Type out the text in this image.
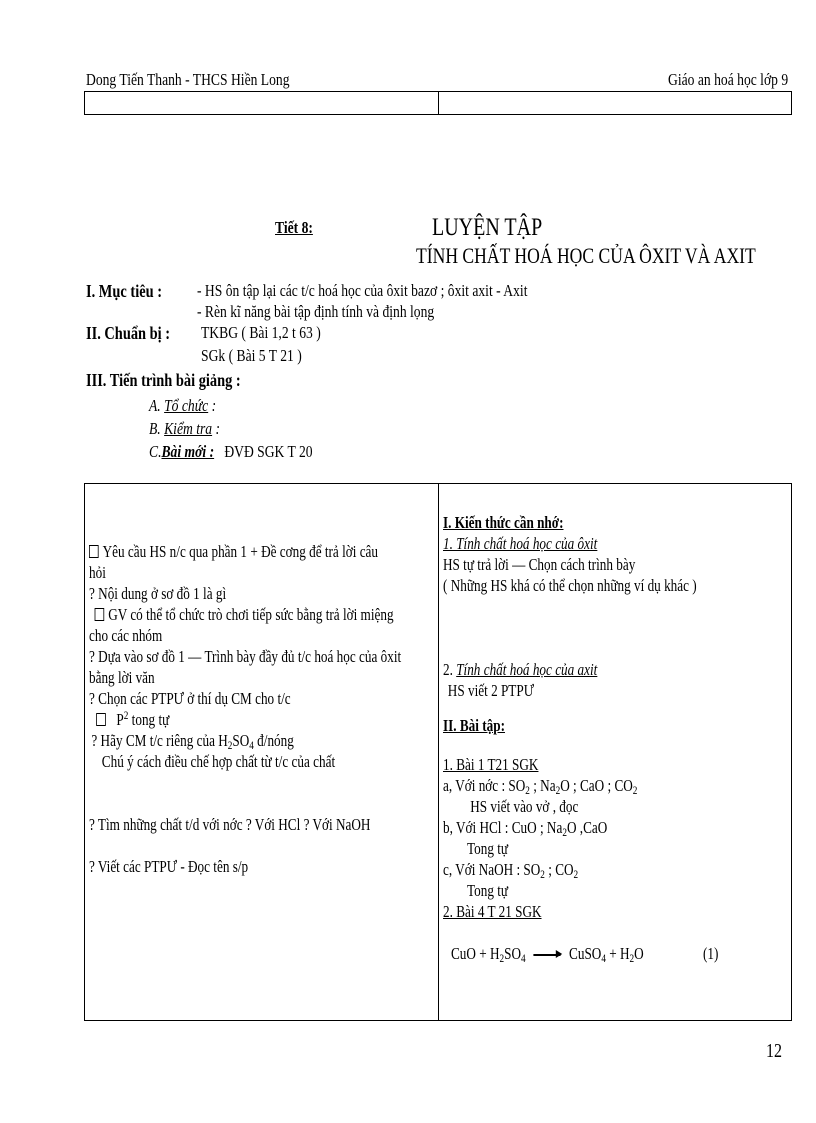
Dong Tiến Thanh - THCS Hiền Long	Giáo an hoá học lớp 9
Tiết 8:	LUYỆN TẬP
TÍNH CHẤT HOÁ HỌC CỦA ÔXIT VÀ AXIT
I. Mục tiêu : - HS ôn tập lại các t/c hoá học của ôxit bazơ ; ôxit axit - Axit
- Rèn kĩ năng bài tập định tính và định lọng
II. Chuẩn bị : TKBG ( Bài 1,2 t 63 )
SGk ( Bài 5 T 21 )
III. Tiến trình bài giảng :
A. Tổ chức :
B. Kiểm tra :
C.Bài mới : ĐVĐ SGK T 20
Yêu cầu HS n/c qua phần 1 + Đề cơng để trả lời câu
hỏi
? Nội dung ở sơ đồ 1 là gì
GV có thể tổ chức trò chơi tiếp sức bằng trả lời miệng
cho các nhóm
? Dựa vào sơ đồ 1 — Trình bày đầy đủ t/c hoá học của ôxit
bằng lời văn
? Chọn các PTPƯ ở thí dụ CM cho t/c
$P^2$ tong tự
? Hãy CM t/c riêng của $H_2SO_4$ đ/nóng
Chú ý cách điều chế hợp chất từ t/c của chất
? Tìm những chất t/d với nớc ? Với HCl ? Với NaOH
? Viết các PTPƯ - Đọc tên s/p
I. Kiến thức cần nhớ:
1. Tính chất hoá học của ôxit
HS tự trả lời — Chọn cách trình bày
( Những HS khá có thể chọn những ví dụ khác )
2. Tính chất hoá học của axit
HS viết 2 PTPƯ
II. Bài tập:
1. Bài 1 T21 SGK
a, Với nớc : $SO_2$ ; $Na_2O$ ; CaO ; $CO_2$
HS viết vào vở , đọc
b, Với HCl : CuO ; $Na_2O$ ,CaO
Tong tự
c, Với NaOH : $SO_2$ ; $CO_2$
Tong tự
2. Bài 4 T 21 SGK
CuO + $H_2SO_4$	CuSO$_4$ + $H_2O$	(1)
12
